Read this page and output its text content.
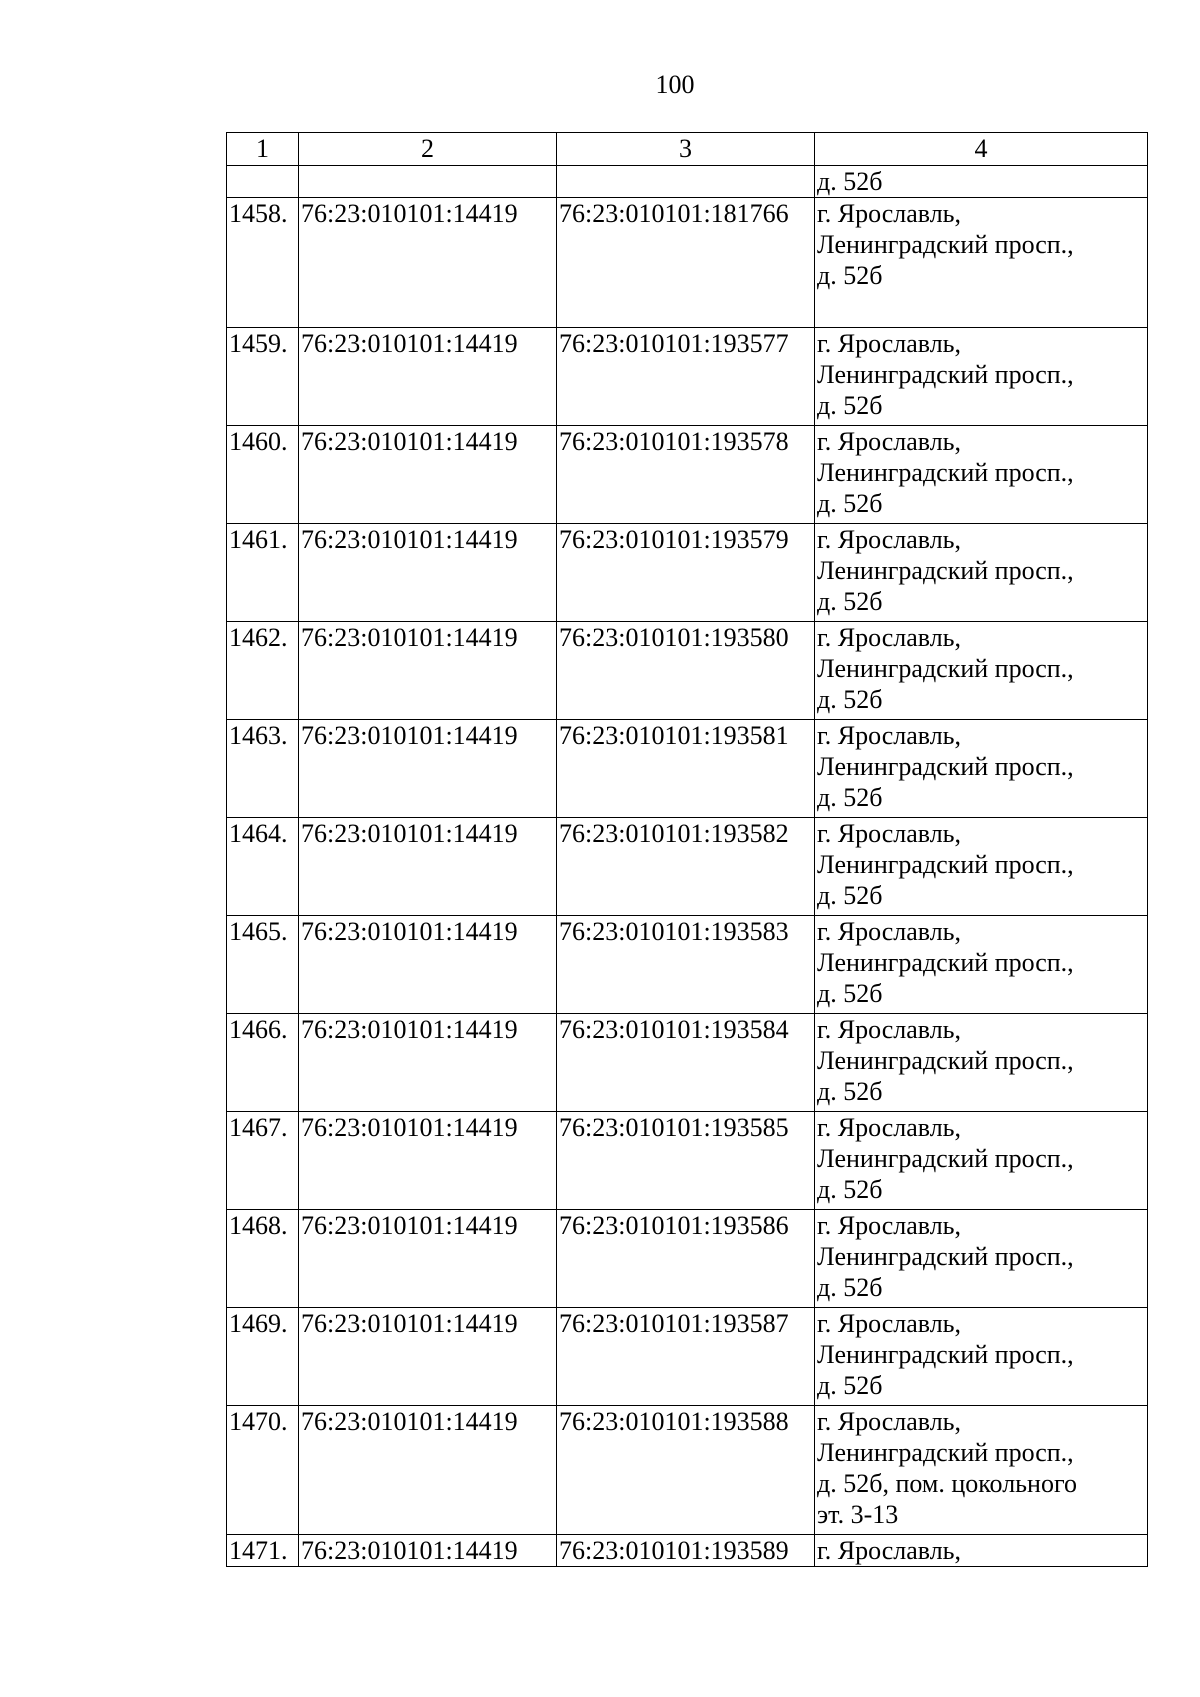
100
1	2	3	4
			д. 52б
1458.	76:23:010101:14419	76:23:010101:181766	г. Ярославль,
Ленинградский просп.,
д. 52б

1459.	76:23:010101:14419	76:23:010101:193577	г. Ярославль,
Ленинградский просп.,
д. 52б

1460.	76:23:010101:14419	76:23:010101:193578	г. Ярославль,
Ленинградский просп.,
д. 52б

1461.	76:23:010101:14419	76:23:010101:193579	г. Ярославль,
Ленинградский просп.,
д. 52б

1462.	76:23:010101:14419	76:23:010101:193580	г. Ярославль,
Ленинградский просп.,
д. 52б

1463.	76:23:010101:14419	76:23:010101:193581	г. Ярославль,
Ленинградский просп.,
д. 52б

1464.	76:23:010101:14419	76:23:010101:193582	г. Ярославль,
Ленинградский просп.,
д. 52б

1465.	76:23:010101:14419	76:23:010101:193583	г. Ярославль,
Ленинградский просп.,
д. 52б

1466.	76:23:010101:14419	76:23:010101:193584	г. Ярославль,
Ленинградский просп.,
д. 52б

1467.	76:23:010101:14419	76:23:010101:193585	г. Ярославль,
Ленинградский просп.,
д. 52б

1468.	76:23:010101:14419	76:23:010101:193586	г. Ярославль,
Ленинградский просп.,
д. 52б

1469.	76:23:010101:14419	76:23:010101:193587	г. Ярославль,
Ленинградский просп.,
д. 52б

1470.	76:23:010101:14419	76:23:010101:193588	г. Ярославль,
Ленинградский просп.,
д. 52б, пом. цокольного
эт. 3-13

1471.	76:23:010101:14419	76:23:010101:193589	г. Ярославль,
